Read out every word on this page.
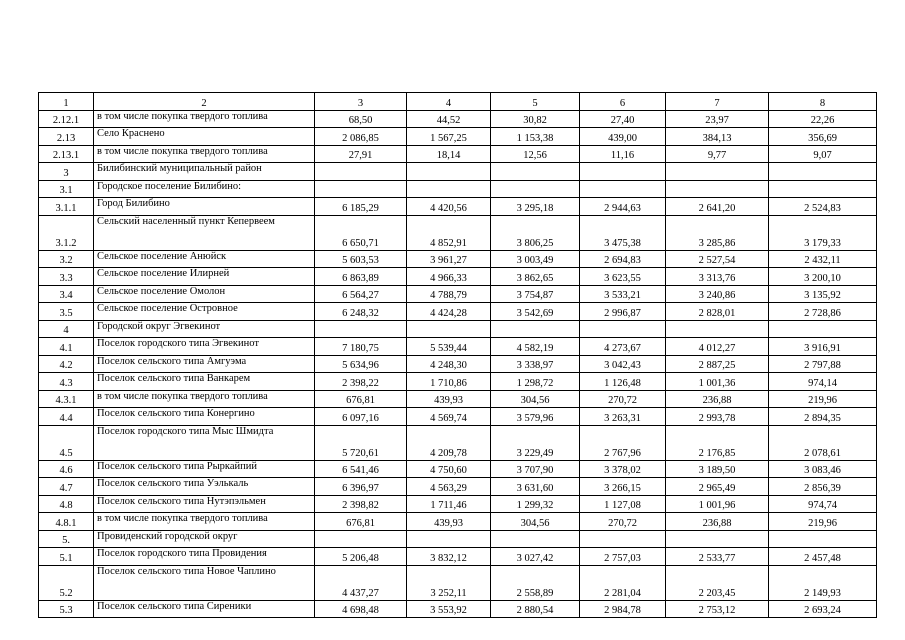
1	2	3	4	5	6	7	8
2.12.1	в том числе покупка твердого топлива	68,50	44,52	30,82	27,40	23,97	22,26
2.13	Село Краснено	2 086,85	1 567,25	1 153,38	439,00	384,13	356,69
2.13.1	в том числе покупка твердого топлива	27,91	18,14	12,56	11,16	9,77	9,07
3	Билибинский муниципальный район						
3.1	Городское поселение Билибино:						
3.1.1	Город Билибино	6 185,29	4 420,56	3 295,18	2 944,63	2 641,20	2 524,83
3.1.2	Сельский населенный пункт Кепервеем	6 650,71	4 852,91	3 806,25	3 475,38	3 285,86	3 179,33
3.2	Сельское поселение Анюйск	5 603,53	3 961,27	3 003,49	2 694,83	2 527,54	2 432,11
3.3	Сельское поселение Илирней	6 863,89	4 966,33	3 862,65	3 623,55	3 313,76	3 200,10
3.4	Сельское поселение Омолон	6 564,27	4 788,79	3 754,87	3 533,21	3 240,86	3 135,92
3.5	Сельское поселение Островное	6 248,32	4 424,28	3 542,69	2 996,87	2 828,01	2 728,86
4	Городской округ Эгвекинот						
4.1	Поселок городского типа Эгвекинот	7 180,75	5 539,44	4 582,19	4 273,67	4 012,27	3 916,91
4.2	Поселок сельского типа Амгуэма	5 634,96	4 248,30	3 338,97	3 042,43	2 887,25	2 797,88
4.3	Поселок сельского типа Ванкарем	2 398,22	1 710,86	1 298,72	1 126,48	1 001,36	974,14
4.3.1	в том числе покупка твердого топлива	676,81	439,93	304,56	270,72	236,88	219,96
4.4	Поселок сельского типа Конергино	6 097,16	4 569,74	3 579,96	3 263,31	2 993,78	2 894,35
4.5	Поселок городского типа Мыс Шмидта	5 720,61	4 209,78	3 229,49	2 767,96	2 176,85	2 078,61
4.6	Поселок сельского типа Рыркайпий	6 541,46	4 750,60	3 707,90	3 378,02	3 189,50	3 083,46
4.7	Поселок сельского типа Уэлькаль	6 396,97	4 563,29	3 631,60	3 266,15	2 965,49	2 856,39
4.8	Поселок сельского типа Нутэпэльмен	2 398,82	1 711,46	1 299,32	1 127,08	1 001,96	974,74
4.8.1	в том числе покупка твердого топлива	676,81	439,93	304,56	270,72	236,88	219,96
5.	Провиденский городской округ						
5.1	Поселок городского типа Провидения	5 206,48	3 832,12	3 027,42	2 757,03	2 533,77	2 457,48
5.2	Поселок сельского типа Новое Чаплино	4 437,27	3 252,11	2 558,89	2 281,04	2 203,45	2 149,93
5.3	Поселок сельского типа Сиреники	4 698,48	3 553,92	2 880,54	2 984,78	2 753,12	2 693,24
